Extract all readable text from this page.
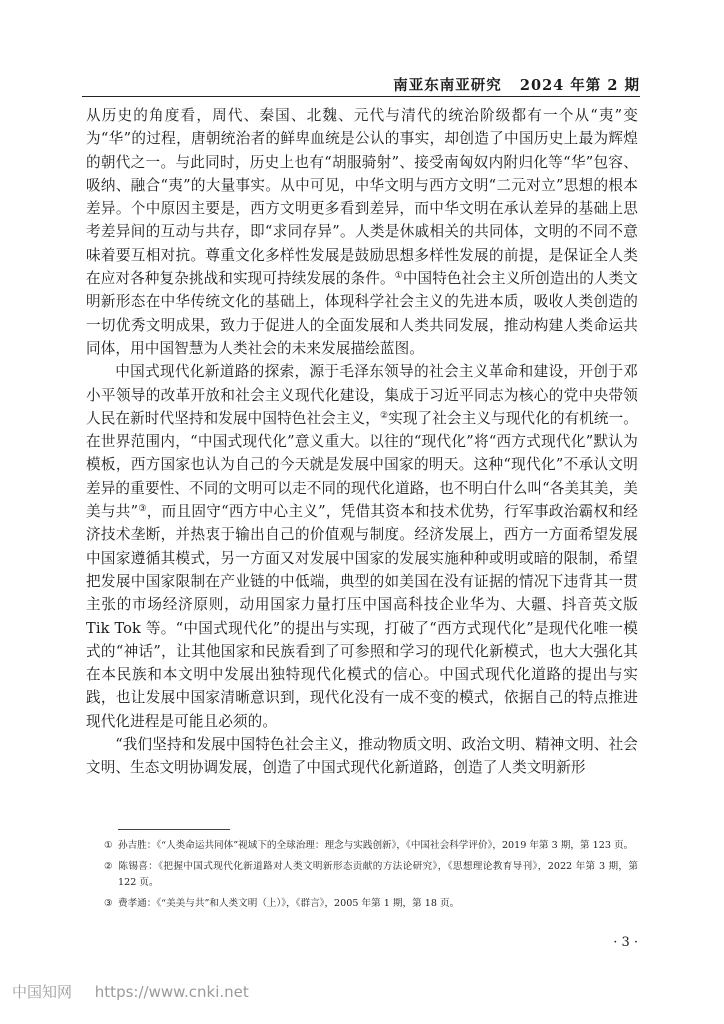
南亚东南亚研究 2024 年第 2 期

从历史的角度看，周代、秦国、北魏、元代与清代的统治阶级都有一个从“夷”变为“华”的过程，唐朝统治者的鲜卑血统是公认的事实，却创造了中国历史上最为辉煌的朝代之一。与此同时，历史上也有“胡服骑射”、接受南匈奴内附归化等“华”包容、吸纳、融合“夷”的大量事实。从中可见，中华文明与西方文明“二元对立”思想的根本差异。个中原因主要是，西方文明更多看到差异，而中华文明在承认差异的基础上思考差异间的互动与共存，即“求同存异”。人类是休戚相关的共同体，文明的不同不意味着要互相对抗。尊重文化多样性发展是鼓励思想多样性发展的前提，是保证全人类在应对各种复杂挑战和实现可持续发展的条件。①中国特色社会主义所创造出的人类文明新形态在中华传统文化的基础上，体现科学社会主义的先进本质，吸收人类创造的一切优秀文明成果，致力于促进人的全面发展和人类共同发展，推动构建人类命运共同体，用中国智慧为人类社会的未来发展描绘蓝图。

中国式现代化新道路的探索，源于毛泽东领导的社会主义革命和建设，开创于邓小平领导的改革开放和社会主义现代化建设，集成于习近平同志为核心的党中央带领人民在新时代坚持和发展中国特色社会主义，②实现了社会主义与现代化的有机统一。在世界范围内，“中国式现代化”意义重大。以往的“现代化”将“西方式现代化”默认为模板，西方国家也认为自己的今天就是发展中国家的明天。这种“现代化”不承认文明差异的重要性、不同的文明可以走不同的现代化道路，也不明白什么叫“各美其美，美美与共”③，而且固守“西方中心主义”，凭借其资本和技术优势，行军事政治霸权和经济技术垄断，并热衷于输出自己的价值观与制度。经济发展上，西方一方面希望发展中国家遵循其模式，另一方面又对发展中国家的发展实施种种或明或暗的限制，希望把发展中国家限制在产业链的中低端，典型的如美国在没有证据的情况下违背其一贯主张的市场经济原则，动用国家力量打压中国高科技企业华为、大疆、抖音英文版 Tik Tok 等。“中国式现代化”的提出与实现，打破了“西方式现代化”是现代化唯一模式的“神话”，让其他国家和民族看到了可参照和学习的现代化新模式，也大大强化其在本民族和本文明中发展出独特现代化模式的信心。中国式现代化道路的提出与实践，也让发展中国家清晰意识到，现代化没有一成不变的模式，依据自己的特点推进现代化进程是可能且必须的。

“我们坚持和发展中国特色社会主义，推动物质文明、政治文明、精神文明、社会文明、生态文明协调发展，创造了中国式现代化新道路，创造了人类文明新形

① 孙吉胜：《“人类命运共同体”视域下的全球治理：理念与实践创新》，《中国社会科学评价》，2019 年第 3 期，第 123 页。

② 陈锡喜：《把握中国式现代化新道路对人类文明新形态贡献的方法论研究》，《思想理论教育导刊》，2022 年第 3 期，第 122 页。

③ 费孝通：《“美美与共”和人类文明（上）》，《群言》，2005 年第 1 期，第 18 页。

· 3 ·
中国知网 https://www.cnki.net
